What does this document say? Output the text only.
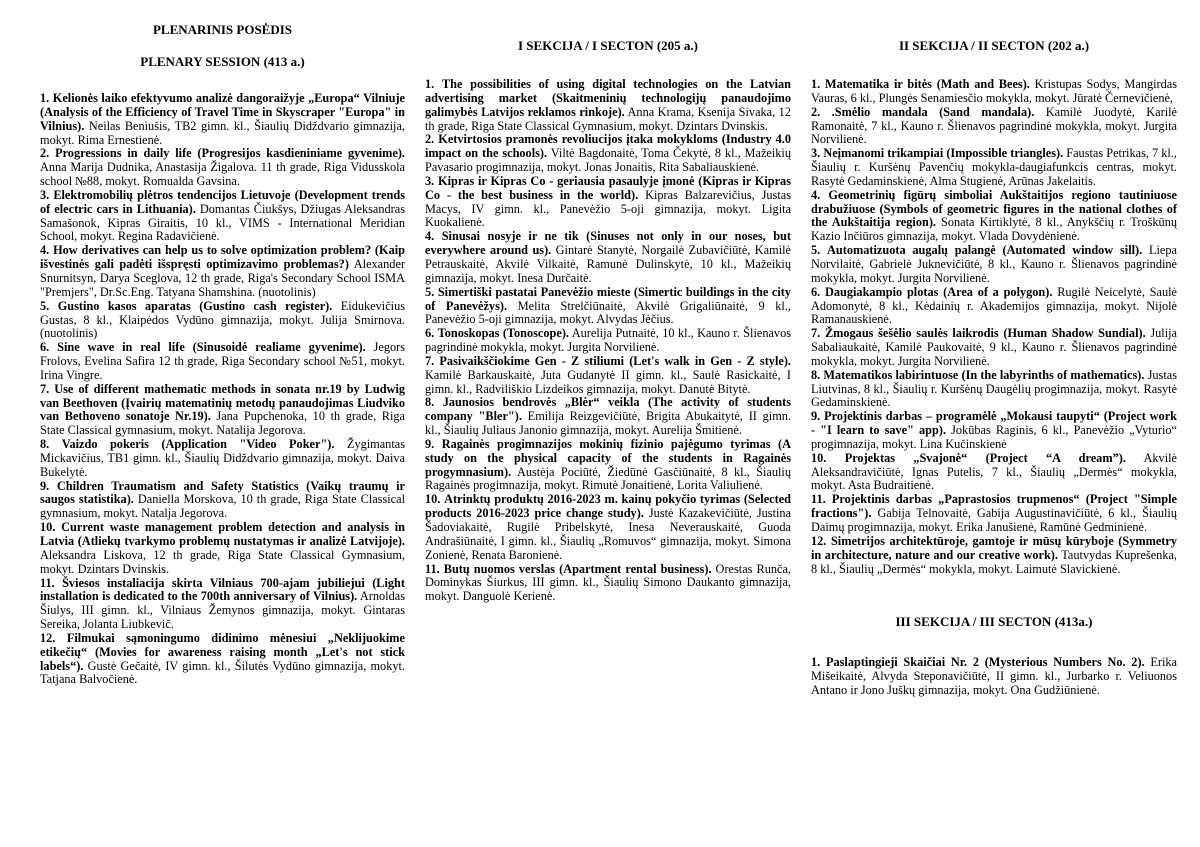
PLENARINIS POSĖDIS
PLENARY SESSION (413 a.)
1. Kelionės laiko efektyvumo analizė dangoraižyje „Europa“ Vilniuje (Analysis of the Efficiency of Travel Time in Skyscraper "Europa" in Vilnius). Neilas Beniušis, TB2 gimn. kl., Šiaulių Didždvario gimnazija, mokyt. Rima Ernestienė.
2. Progressions in daily life (Progresijos kasdieniniame gyvenime). Anna Marija Dudnika, Anastasija Žigalova. 11 th grade, Riga Vidusskola school №88, mokyt. Romualda Gavsina.
3. Elektromobilių plėtros tendencijos Lietuvoje (Development trends of electric cars in Lithuania). Domantas Čiukšys, Džiugas Aleksandras Samašonok, Kipras Giraitis, 10 kl., VIMS - International Meridian School, mokyt. Regina Radavičienė.
4. How derivatives can help us to solve optimization problem? (Kaip išvestinės gali padėti išspręsti optimizavimo problemas?) Alexander Snurnitsyn, Darya Sceglova, 12 th grade, Riga's Secondary School ISMA "Premjers", Dr.Sc.Eng. Tatyana Shamshina. (nuotolinis)
5. Gustino kasos aparatas (Gustino cash register). Eidukevičius Gustas, 8 kl., Klaipėdos Vydūno gimnazija, mokyt. Julija Smirnova. (nuotolinis)
6. Sine wave in real life (Sinusoidė realiame gyvenime). Jegors Frolovs, Evelina Safira 12 th grade, Riga Secondary school №51, mokyt. Irina Vingre.
7. Use of different mathematic methods in sonata nr.19 by Ludwig van Beethoven (Įvairių matematinių metodų panaudojimas Liudviko van Bethoveno sonatoje Nr.19). Jana Pupchenoka, 10 th grade, Riga State Classical gymnasium, mokyt. Natalija Jegorova.
8. Vaizdo pokeris (Application "Video Poker"). Žygimantas Mickavičius, TB1 gimn. kl., Šiaulių Didždvario gimnazija, mokyt. Daiva Bukelytė.
9. Children Traumatism and Safety Statistics (Vaikų traumų ir saugos statistika). Daniella Morskova, 10 th grade, Riga State Classical gymnasium, mokyt. Natalja Jegorova.
10. Current waste management problem detection and analysis in Latvia (Atliekų tvarkymo problemų nustatymas ir analizė Latvijoje). Aleksandra Liskova, 12 th grade, Riga State Classical Gymnasium, mokyt. Dzintars Dvinskis.
11. Šviesos instaliacija skirta Vilniaus 700-ajam jubiliejui (Light installation is dedicated to the 700th anniversary of Vilnius). Arnoldas Šiulys, III gimn. kl., Vilniaus Žemynos gimnazija, mokyt. Gintaras Sereika, Jolanta Liubkevič.
12. Filmukai sąmoningumo didinimo mėnesiui „Neklijuokime etikečių“ (Movies for awareness raising month „Let's not stick labels“). Gustė Gečaitė, IV gimn. kl., Šilutės Vydūno gimnazija, mokyt. Tatjana Balvočienė.
I SEKCIJA / I SECTON (205 a.)
1. The possibilities of using digital technologies on the Latvian advertising market (Skaitmeninių technologijų panaudojimo galimybės Latvijos reklamos rinkoje). Anna Krama, Ksenija Sivaka, 12 th grade, Riga State Classical Gymnasium, mokyt. Dzintars Dvinskis.
2. Ketvirtosios pramonės revoliucijos įtaka mokykloms (Industry 4.0 impact on the schools). Viltė Bagdonaitė, Toma Čekytė, 8 kl., Mažeikių Pavasario progimnazija, mokyt. Jonas Jonaitis, Rita Sabaliauskienė.
3. Kipras ir Kipras Co - geriausia pasaulyje įmonė (Kipras ir Kipras Co - the best business in the world). Kipras Balzarevičius, Justas Macys, IV gimn. kl., Panevėžio 5-oji gimnazija, mokyt. Ligita Kuokalienė.
4. Sinusai nosyje ir ne tik (Sinuses not only in our noses, but everywhere around us). Gintarė Stanytė, Norgailė Zubavičiūtė, Kamilė Petrauskaitė, Akvilė Vilkaitė, Ramunė Dulinskytė, 10 kl., Mažeikių gimnazija, mokyt. Inesa Durčaitė.
5. Simertiški pastatai Panevėžio mieste (Simertic buildings in the city of Panevėžys). Melita Strelčiūnaitė, Akvilė Grigaliūnaitė, 9 kl., Panevėžio 5-oji gimnazija, mokyt. Alvydas Jėčius.
6. Tonoskopas (Tonoscope). Aurelija Putnaitė, 10 kl., Kauno r. Šlienavos pagrindinė mokykla, mokyt. Jurgita Norvilienė.
7. Pasivaikščiokime Gen - Z stiliumi (Let's walk in Gen - Z style). Kamilė Barkauskaitė, Juta Gudanytė II gimn. kl., Saulė Rasickaitė, I gimn. kl., Radviliškio Lizdeikos gimnazija, mokyt. Danutė Bitytė.
8. Jaunosios bendrovės „Blėr“ veikla (The activity of students company "Bler"). Emilija Reizgevičiūtė, Brigita Abukaitytė, II gimn. kl., Šiaulių Juliaus Janonio gimnazija, mokyt. Aurelija Šmitienė.
9. Ragainės progimnazijos mokinių fizinio pajėgumo tyrimas (A study on the physical capacity of the students in Ragainės progymnasium). Austėja Pociūtė, Žiedūnė Gasčiūnaitė, 8 kl., Šiaulių Ragainės progimnazija, mokyt. Rimutė Jonaitienė, Lorita Valiulienė.
10. Atrinktų produktų 2016-2023 m. kainų pokyčio tyrimas (Selected products 2016-2023 price change study). Justė Kazakevičiūtė, Justina Šadoviakaitė, Rugilė Pribelskytė, Inesa Neverauskaitė, Guoda Andrašiūnaitė, I gimn. kl., Šiaulių „Romuvos“ gimnazija, mokyt. Simona Zonienė, Renata Baronienė.
11. Butų nuomos verslas (Apartment rental business). Orestas Runča, Dominykas Šiurkus, III gimn. kl., Šiaulių Simono Daukanto gimnazija, mokyt. Danguolė Kerienė.
II SEKCIJA / II SECTON (202 a.)
1. Matematika ir bitės (Math and Bees). Kristupas Sodys, Mangirdas Vauras, 6 kl., Plungės Senamiesčio mokykla, mokyt. Jūratė Černevičienė,
2. .Smėlio mandala (Sand mandala). Kamilė Juodytė, Karilė Ramonaitė, 7 kl., Kauno r. Šlienavos pagrindinė mokykla, mokyt. Jurgita Norvilienė.
3. Neįmanomi trikampiai (Impossible triangles). Faustas Petrikas, 7 kl., Šiaulių r. Kuršėnų Pavenčių mokykla-daugiafunkcis centras, mokyt. Rasytė Gedaminskienė, Alma Stugienė, Arūnas Jakelaitis.
4. Geometrinių figūrų simboliai Aukštaitijos regiono tautiniuose drabužiuose (Symbols of geometric figures in the national clothes of the Aukštaitija region). Sonata Kirtiklytė, 8 kl., Anykščių r. Troškūnų Kazio Inčiūros gimnazija, mokyt. Vlada Dovydėnienė.
5. Automatizuota augalų palangė (Automated window sill). Liepa Norvilaitė, Gabrielė Juknevičiūtė, 8 kl., Kauno r. Šlienavos pagrindinė mokykla, mokyt. Jurgita Norvilienė.
6. Daugiakampio plotas (Area of a polygon). Rugilė Neicelytė, Saulė Adomonytė, 8 kl., Kėdainių r. Akademijos gimnazija, mokyt. Nijolė Ramanauskienė.
7. Žmogaus šešėlio saulės laikrodis (Human Shadow Sundial). Julija Sabaliaukaitė, Kamilė Paukovaitė, 9 kl., Kauno r. Šlienavos pagrindinė mokykla, mokyt. Jurgita Norvilienė.
8. Matematikos labirintuose (In the labyrinths of mathematics). Justas Liutvinas, 8 kl., Šiaulių r. Kuršėnų Daugėlių progimnazija, mokyt. Rasytė Gedaminskienė.
9. Projektinis darbas – programėlė „Mokausi taupyti“ (Project work - "I learn to save" app). Jokūbas Raginis, 6 kl., Panevėžio „Vyturio“ progimnazija, mokyt. Lina Kučinskienė
10. Projektas „Svajonė“ (Project “A dream”). Akvilė Aleksandravičiūtė, Ignas Putelis, 7 kl., Šiaulių „Dermės“ mokykla, mokyt. Asta Budraitienė.
11. Projektinis darbas „Paprastosios trupmenos“ (Project "Simple fractions"). Gabija Telnovaitė, Gabija Augustinavičiūtė, 6 kl., Šiaulių Daimų progimnazija, mokyt. Erika Janušienė, Ramūnė Gedminienė.
12. Simetrijos architektūroje, gamtoje ir mūsų kūryboje (Symmetry in architecture, nature and our creative work). Tautvydas Kuprešenka, 8 kl., Šiaulių „Dermės“ mokykla, mokyt. Laimutė Slavickienė.
III SEKCIJA / III SECTON (413a.)
1. Paslaptingieji Skaičiai Nr. 2 (Mysterious Numbers No. 2). Erika Mišeikaitė, Alvyda Steponavičiūtė, II gimn. kl., Jurbarko r. Veliuonos Antano ir Jono Juškų gimnazija, mokyt. Ona Gudžiūnienė.
